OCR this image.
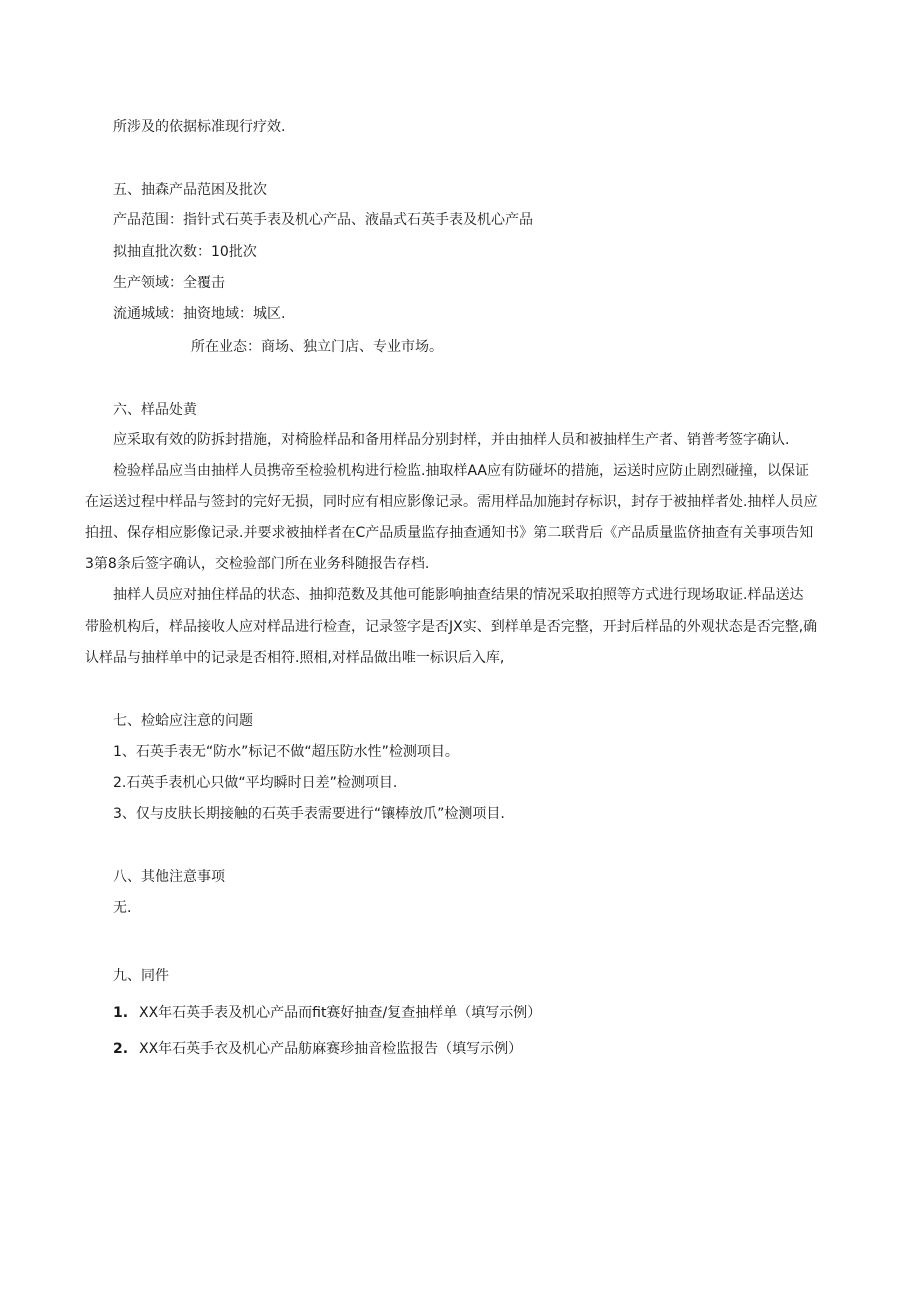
所涉及的依据标准现行疗效.
五、抽森产品范困及批次
产品范围：指针式石英手表及机心产品、液晶式石英手表及机心产品
拟抽直批次数：10批次
生产领域：全覆击
流通城域：抽资地域：城区.
所在业态：商场、独立门店、专业市场。
六、样品处黄
应采取有效的防拆封措施，对椅脸样品和备用样品分别封样，并由抽样人员和被抽样生产者、销普考签字确认.
检验样品应当由抽样人员携帝至检验机构进行检监.抽取样AA应有防碰坏的措施，运送时应防止剧烈碰撞，以保证
在运送过程中样品与签封的完好无损，同时应有相应影像记录。需用样品加施封存标识，封存于被抽样者处.抽样人员应
拍扭、保存相应影像记录.并要求被抽样者在C产品质量监存抽查通知书》第二联背后《产品质量监侪抽查有关事项告知
3第8条后签字确认，交检验部门所在业务科随报告存档.
抽样人员应对抽住样品的状态、抽抑范数及其他可能影响抽查结果的情况采取拍照等方式进行现场取证.样品送达
带脸机构后，样品接收人应对样品进行检查，记录签字是否JX实、到样单是否完整，开封后样品的外观状态是否完整,确
认样品与抽样单中的记录是否相符.照相,对样品做出唯一标识后入库,
七、检蛤应注意的问题
1、石英手表无“防水”标记不做“超压防水性”检测项目。
2.石英手表机心只做“平均瞬时日差”检测项目.
3、仅与皮肤长期接触的石英手表需要进行“镶棒放爪”检测项目.
八、其他注意事项
无.
九、同件
1. XX年石英手表及机心产品而fit赛好抽查/复查抽样单（填写示例）
2. XX年石英手衣及机心产品舫麻赛珍抽音检监报告（填写示例）
